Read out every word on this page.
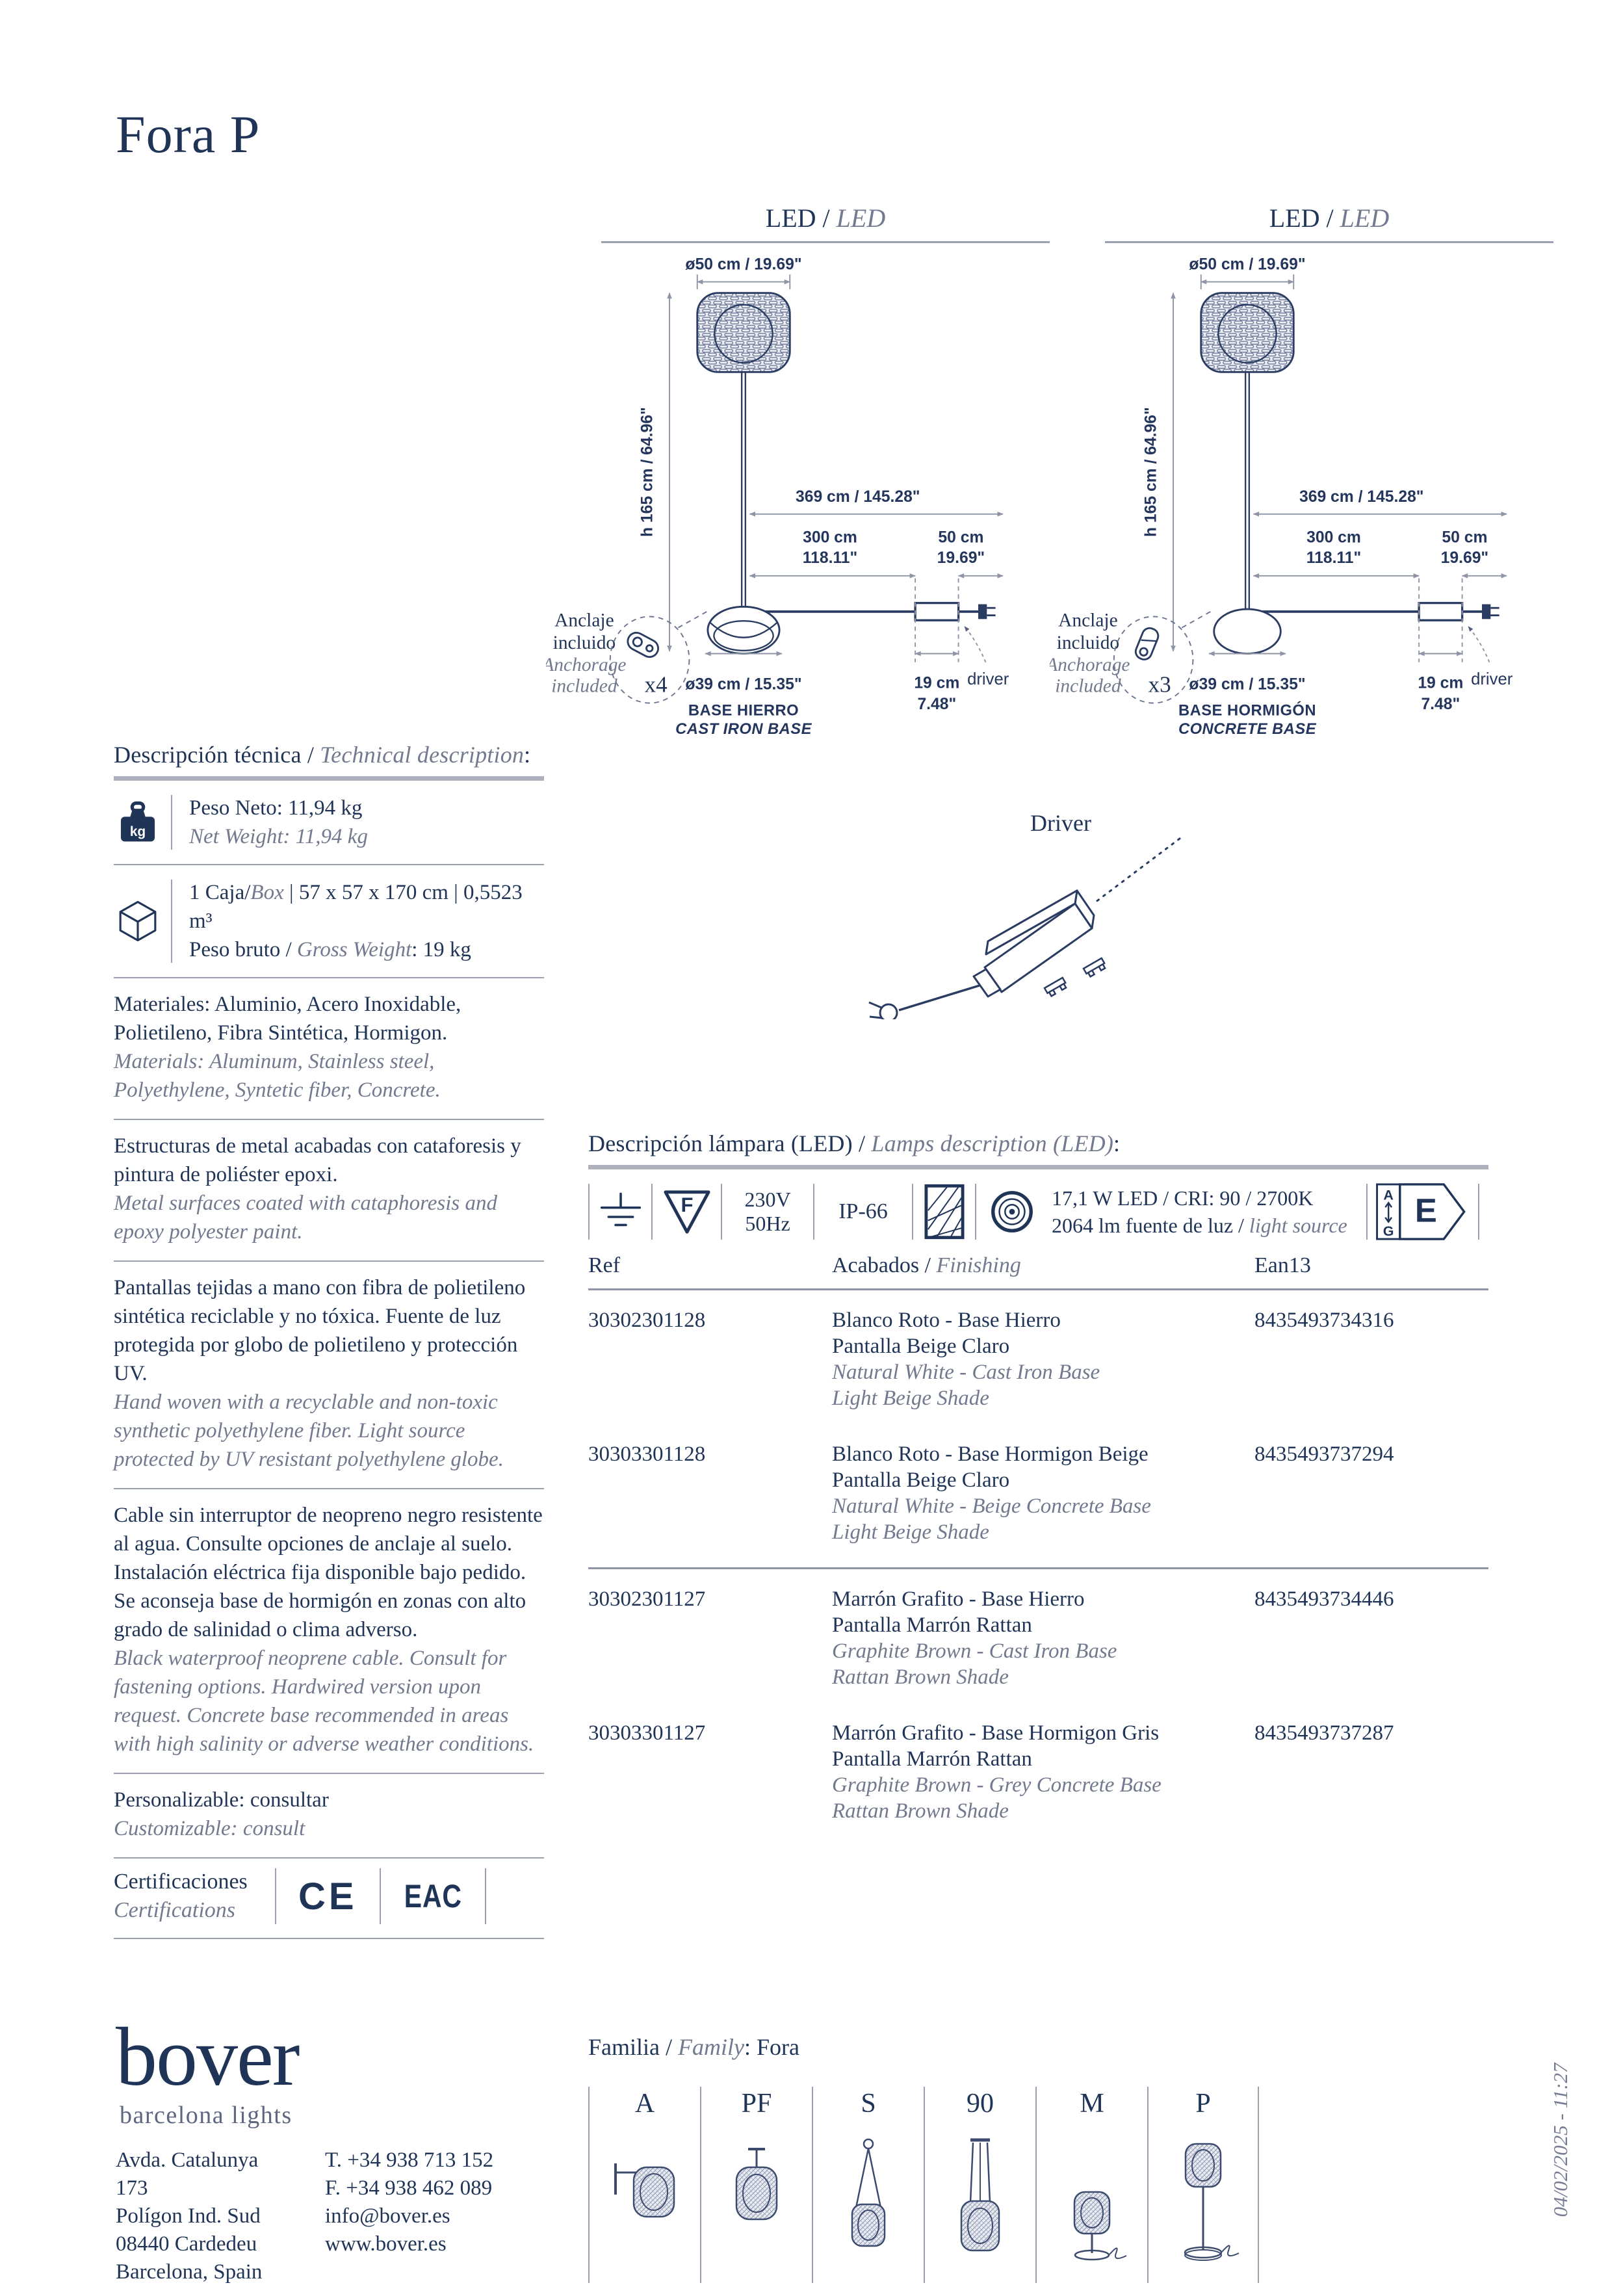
Fora P
LED / LED
ø50 cm / 19.69"
h 165 cm / 64.96"	369 cm / 145.28"
300 cm
118.11"
50 cm
19.69"
19 cm
7.48"
driver
ø39 cm / 15.35"
BASE HIERRO
CAST IRON BASE
Anclaje
incluido
Anchorage
included x4
LED / LED
ø50 cm / 19.69"
h 165 cm / 64.96"	369 cm / 145.28"
300 cm
118.11"
50 cm
19.69"
19 cm
7.48"
driver
ø39 cm / 15.35"
BASE HORMIGÓN
CONCRETE BASE
Anclaje
incluido
Anchorage
included x3
Descripción técnica / Technical description:
kg
Peso Neto: 11,94 kg
Net Weight: 11,94 kg
1 Caja/Box | 57 x 57 x 170 cm | 0,5523 m³
Peso bruto / Gross Weight: 19 kg
Materiales: Aluminio, Acero Inoxidable, Polietileno, Fibra Sintética, Hormigon.
Materials: Aluminum, Stainless steel, Polyethylene, Syntetic fiber, Concrete.
Estructuras de metal acabadas con cataforesis y pintura de poliéster epoxi.
Metal surfaces coated with cataphoresis and epoxy polyester paint.
Pantallas tejidas a mano con fibra de polietileno sintética reciclable y no tóxica. Fuente de luz protegida por globo de polietileno y protección UV.
Hand woven with a recyclable and non-toxic synthetic polyethylene fiber. Light source protected by UV resistant polyethylene globe.
Cable sin interruptor de neopreno negro resistente al agua. Consulte opciones de anclaje al suelo. Instalación eléctrica fija disponible bajo pedido. Se aconseja base de hormigón en zonas con alto grado de salinidad o clima adverso.
Black waterproof neoprene cable. Consult for fastening options. Hardwired version upon request. Concrete base recommended in areas with high salinity or adverse weather conditions.
Personalizable: consultar
Customizable: consult
Certificaciones
Certifications	CE EAC
Driver
Descripción lámpara (LED) / Lamps description (LED):
F 230V
50Hz IP-66
17,1 W LED / CRI: 90 / 2700K
2064 lm fuente de luz / light source
A
G
E
Ref	Acabados / Finishing	Ean13
30302301128	Blanco Roto - Base Hierro
Pantalla Beige Claro
Natural White - Cast Iron Base
Light Beige Shade
8435493734316
30303301128	Blanco Roto - Base Hormigon Beige
Pantalla Beige Claro
Natural White - Beige Concrete Base
Light Beige Shade
8435493737294
30302301127	Marrón Grafito - Base Hierro
Pantalla Marrón Rattan
Graphite Brown - Cast Iron Base
Rattan Brown Shade
8435493734446
30303301127	Marrón Grafito - Base Hormigon Gris
Pantalla Marrón Rattan
Graphite Brown - Grey Concrete Base
Rattan Brown Shade
8435493737287
bover
barcelona lights
Avda. Catalunya 173
Polígon Ind. Sud
08440 Cardedeu
Barcelona, Spain
T. +34 938 713 152
F. +34 938 462 089
info@bover.es
www.bover.es
Familia / Family: Fora
A	PF	S	90	M	P	04/02/2025 - 11:27
